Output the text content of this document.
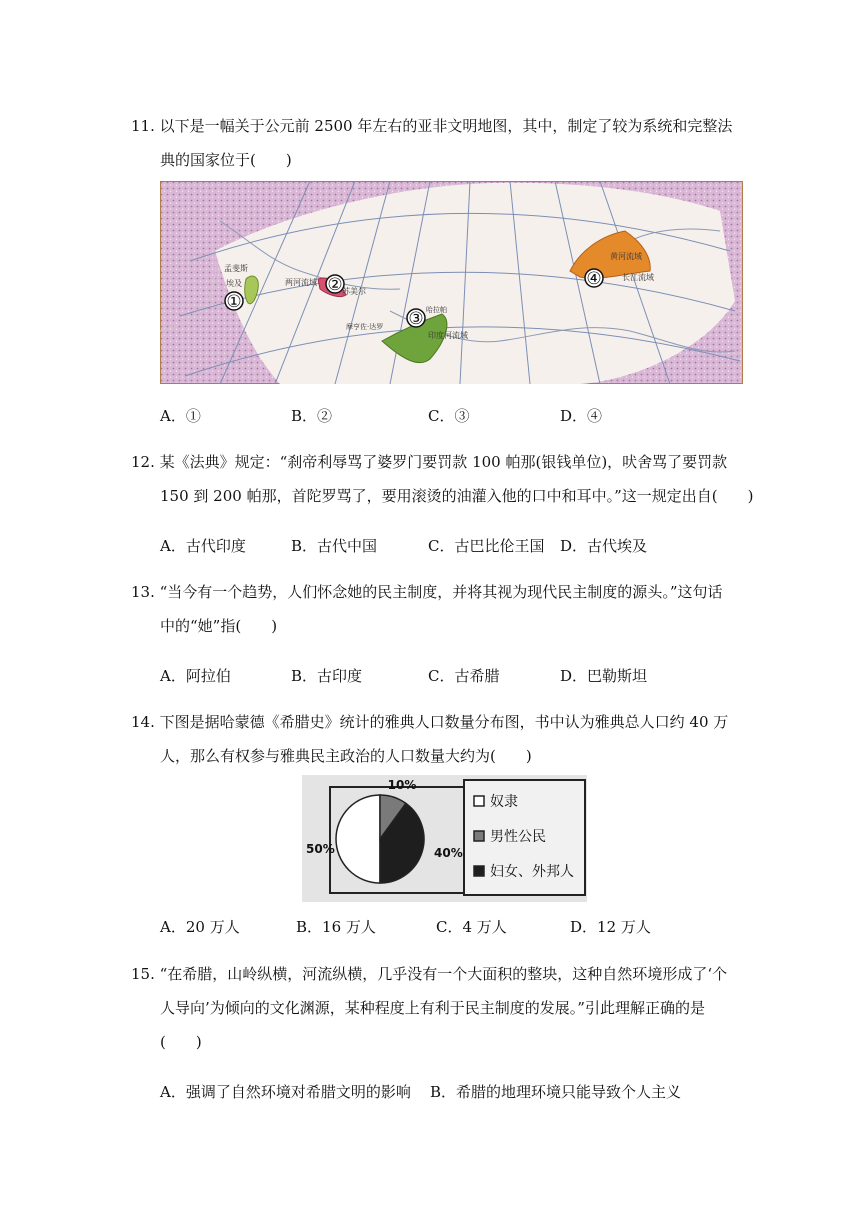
11. 以下是一幅关于公元前 2500 年左右的亚非文明地图，其中，制定了较为系统和完整法
典的国家位于(　　)
①
②
③
④
孟斐斯
埃及	两河流域
苏美尔
哈拉帕
摩亨佐·达罗
印度河流域
黄河流域
长江流域
A．①	B．②	C．③	D．④
12. 某《法典》规定：“刹帝利辱骂了婆罗门要罚款 100 帕那(银钱单位)，吠舍骂了要罚款
150 到 200 帕那，首陀罗骂了，要用滚烫的油灌入他的口中和耳中。”这一规定出自(　　)
A．古代印度	B．古代中国	C．古巴比伦王国 D．古代埃及
13. “当今有一个趋势，人们怀念她的民主制度，并将其视为现代民主制度的源头。”这句话
中的“她”指(　　)
A．阿拉伯	B．古印度	C．古希腊	D．巴勒斯坦
14. 下图是据哈蒙德《希腊史》统计的雅典人口数量分布图，书中认为雅典总人口约 40 万
人，那么有权参与雅典民主政治的人口数量大约为(　　)
奴隶
男性公民
妇女、外邦人
50%
10%
40%
A．20 万人	B．16 万人	C．4 万人	D．12 万人
15. “在希腊，山岭纵横，河流纵横，几乎没有一个大面积的整块，这种自然环境形成了‘个
人导向’为倾向的文化渊源，某种程度上有利于民主制度的发展。”引此理解正确的是
(　　)
A．强调了自然环境对希腊文明的影响 B．希腊的地理环境只能导致个人主义
